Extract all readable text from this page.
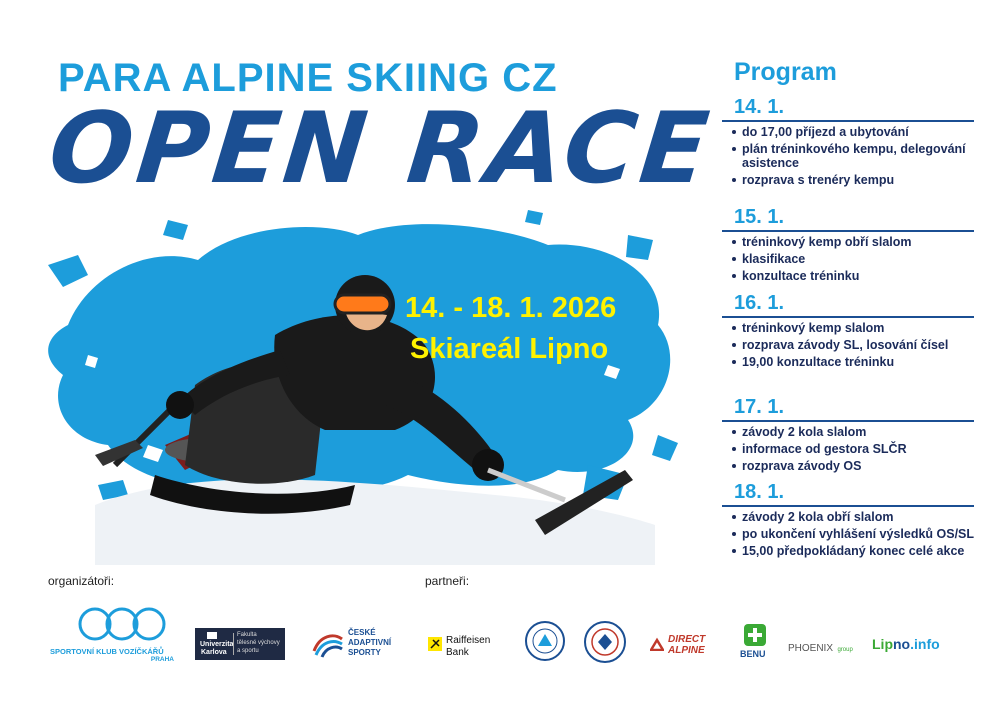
PARA ALPINE SKIING CZ
OPEN RACE
14. - 18. 1. 2026
Skiareál Lipno
Program
14. 1.
do 17,00 příjezd a ubytování
plán tréninkového kempu, delegování asistence
rozprava s trenéry kempu
15. 1.
tréninkový kemp obří slalom
klasifikace
konzultace tréninku
16. 1.
tréninkový kemp slalom
rozprava závody SL, losování čísel
19,00 konzultace tréninku
17. 1.
závody 2 kola slalom
informace od gestora SLČR
rozprava závody OS
18. 1.
závody 2 kola obří slalom
po ukončení vyhlášení výsledků OS/SL
15,00 předpokládaný konec celé akce
organizátoři:
SPORTOVNÍ KLUB VOZÍČKÁŘŮ
PRAHA
Univerzita
Karlova
Fakulta
tělesné výchovy
a sportu
ČESKÉ
ADAPTIVNÍ
SPORTY
partneři:
Raiffeisen
Bank
DIRECT
ALPINE	BENU PHOENIX group	Lipno.info
